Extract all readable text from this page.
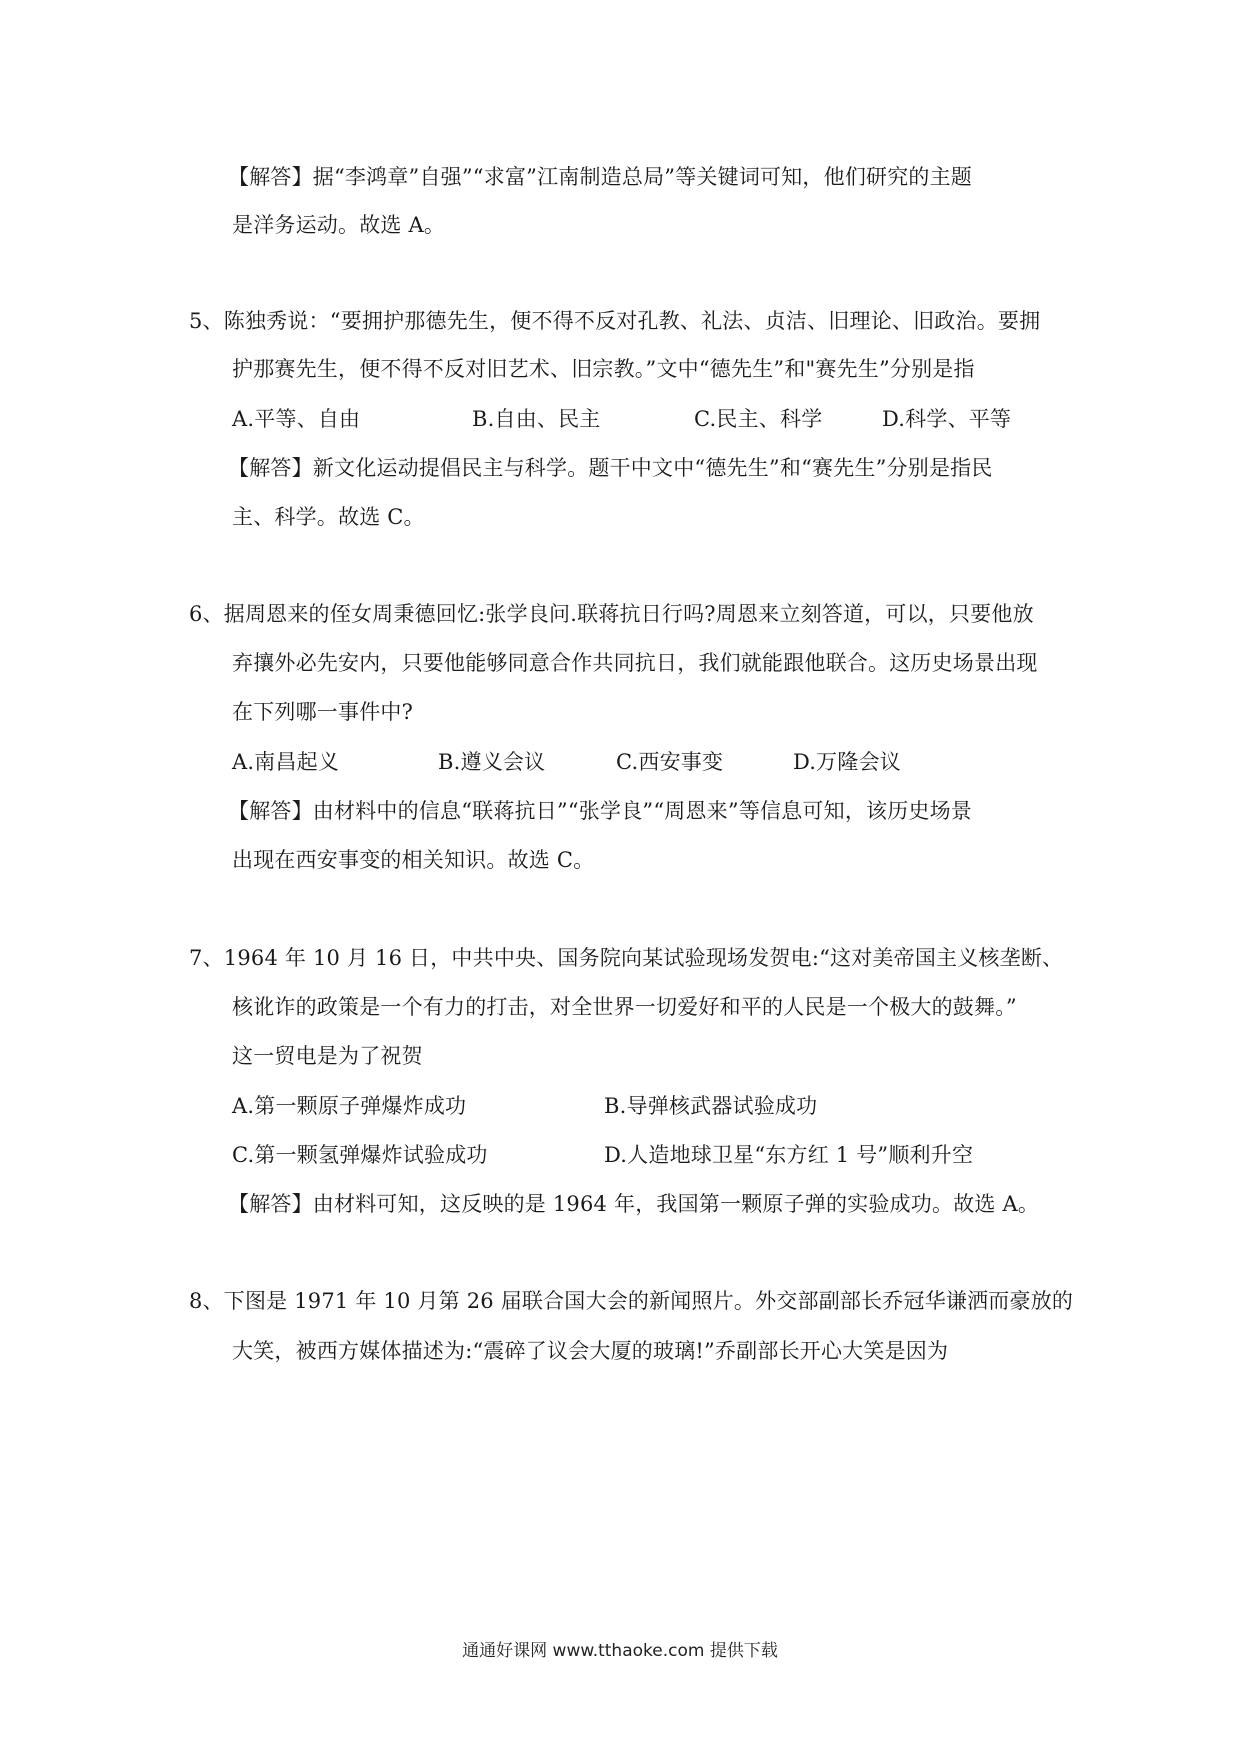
【解答】据“李鸿章”自强”“求富”江南制造总局”等关键词可知，他们研究的主题
是洋务运动。故选 A。
5、陈独秀说：“要拥护那德先生，便不得不反对孔教、礼法、贞洁、旧理论、旧政治。要拥
护那赛先生，便不得不反对旧艺术、旧宗教。”文中“德先生”和"赛先生”分别是指
A.平等、自由	B.自由、民主	C.民主、科学	D.科学、平等
【解答】新文化运动提倡民主与科学。题干中文中“德先生”和“赛先生”分别是指民
主、科学。故选 C。
6、据周恩来的侄女周秉德回忆:张学良问.联蒋抗日行吗?周恩来立刻答道，可以，只要他放
弃攘外必先安内，只要他能够同意合作共同抗日，我们就能跟他联合。这历史场景出现
在下列哪一事件中?
A.南昌起义	B.遵义会议	C.西安事变	D.万隆会议
【解答】由材料中的信息“联蒋抗日”“张学良”“周恩来”等信息可知，该历史场景
出现在西安事变的相关知识。故选 C。
7、1964 年 10 月 16 日，中共中央、国务院向某试验现场发贺电:“这对美帝国主义核垄断、
核讹诈的政策是一个有力的打击，对全世界一切爱好和平的人民是一个极大的鼓舞。”
这一贸电是为了祝贺
A.第一颗原子弹爆炸成功	B.导弹核武器试验成功
C.第一颗氢弹爆炸试验成功	D.人造地球卫星“东方红 1 号”顺利升空
【解答】由材料可知，这反映的是 1964 年，我国第一颗原子弹的实验成功。故选 A。
8、下图是 1971 年 10 月第 26 届联合国大会的新闻照片。外交部副部长乔冠华谦洒而豪放的
大笑，被西方媒体描述为:“震碎了议会大厦的玻璃!”乔副部长开心大笑是因为
通通好课网 www.tthaoke.com 提供下载
